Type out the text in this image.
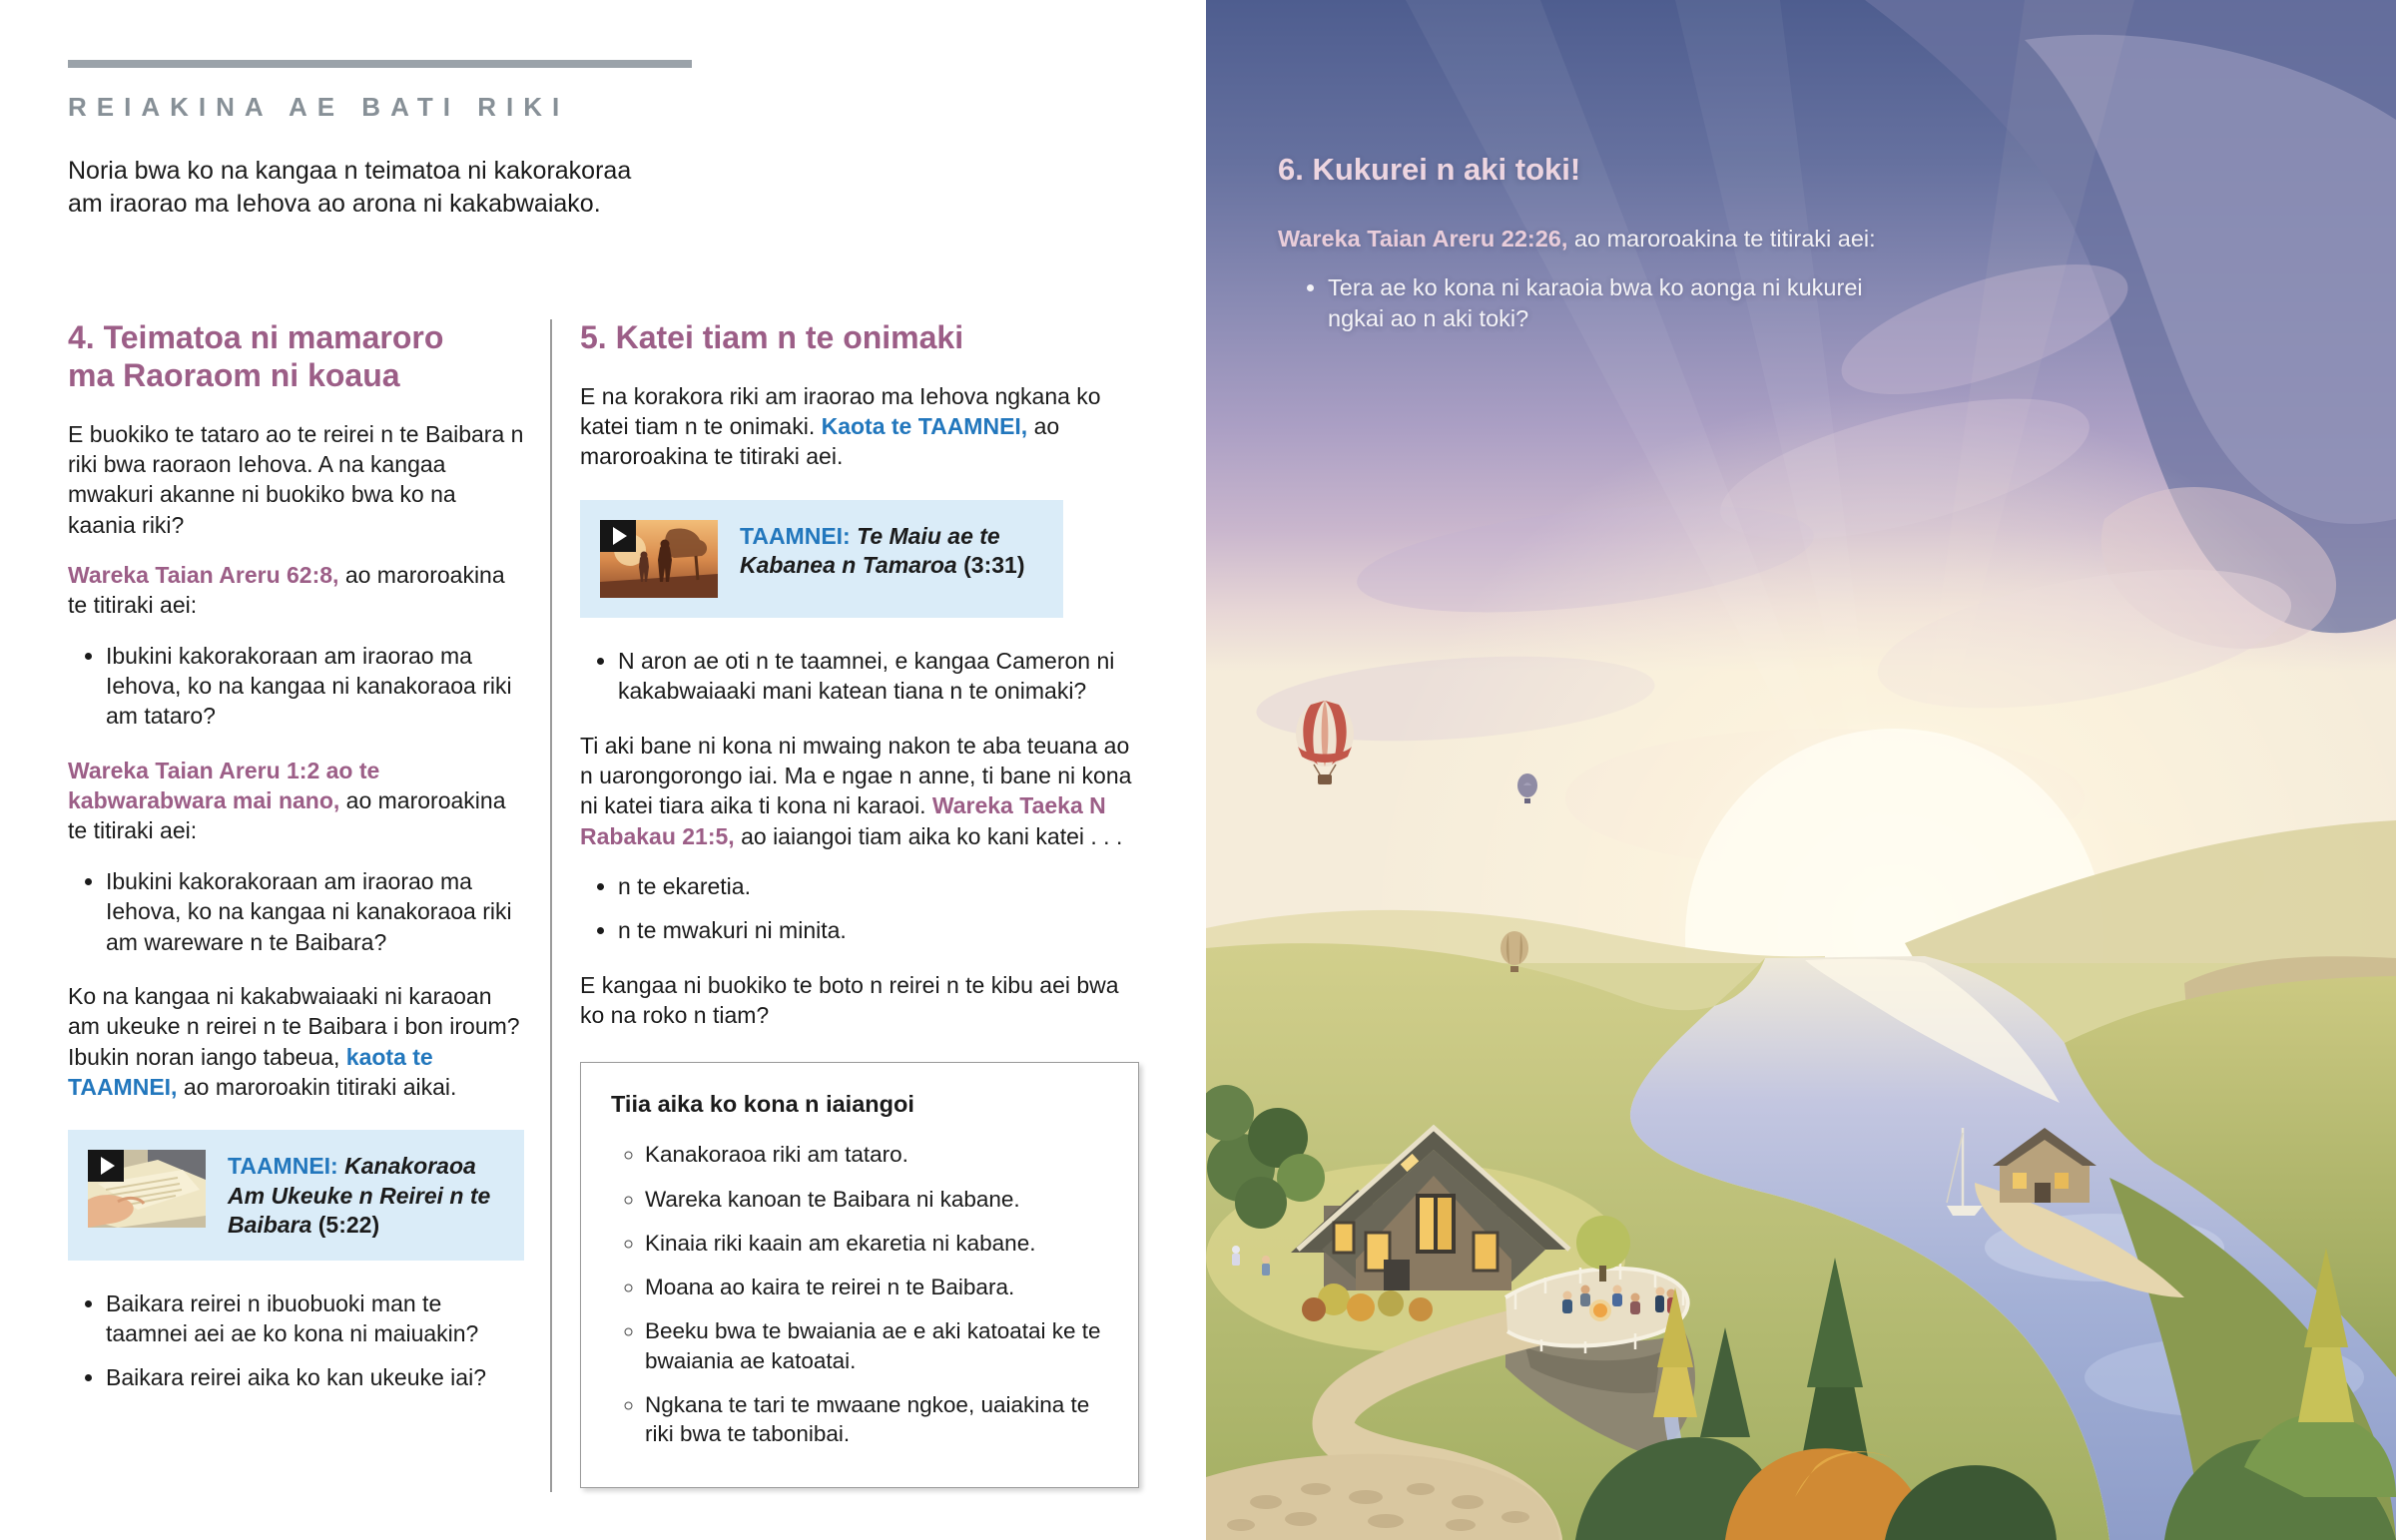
REIAKINA AE BATI RIKI

Noria bwa ko na kangaa n teimatoa ni kakorakoraa am iraorao ma Iehova ao arona ni kakabwaiako.

4. Teimatoa ni mamaroro ma Raoraom ni koaua

E buokiko te tataro ao te reirei n te Baibara n riki bwa raoraon Iehova. A na kangaa mwakuri akanne ni buokiko bwa ko na kaania riki?

Wareka Taian Areru 62:8, ao maroroakina te titiraki aei:

• Ibukini kakorakoraan am iraorao ma Iehova, ko na kangaa ni kanakoraoa riki am tataro?

Wareka Taian Areru 1:2 ao te kabwarabwara mai nano, ao maroroakina te titiraki aei:

• Ibukini kakorakoraan am iraorao ma Iehova, ko na kangaa ni kanakoraoa riki am wareware n te Baibara?

Ko na kangaa ni kakabwaiaaki ni karaoan am ukeuke n reirei n te Baibara i bon iroum? Ibukin noran iango tabeua, kaota te TAAMNEI, ao maroroakin titiraki aikai.

TAAMNEI: Kanakoraoa Am Ukeuke n Reirei n te Baibara (5:22)
• Baikara reirei n ibuobuoki man te taamnei aei ae ko kona ni maiuakin?
• Baikara reirei aika ko kan ukeuke iai?
5. Katei tiam n te onimaki

E na korakora riki am iraorao ma Iehova ngkana ko katei tiam n te onimaki. Kaota te TAAMNEI, ao maroroakina te titiraki aei.

TAAMNEI: Te Maiu ae te Kabanea n Tamaroa (3:31)
• N aron ae oti n te taamnei, e kangaa Cameron ni kakabwaiaaki mani katean tiana n te onimaki?

Ti aki bane ni kona ni mwaing nakon te aba teuana ao n uarongorongo iai. Ma e ngae n anne, ti bane ni kona ni katei tiara aika ti kona ni karaoi. Wareka Taeka N Rabakau 21:5, ao iaiangoi tiam aika ko kani katei . . .

• n te ekaretia.
• n te mwakuri ni minita.

E kangaa ni buokiko te boto n reirei n te kibu aei bwa ko na roko n tiam?

Tiia aika ko kona n iaiangoi
◦ Kanakoraoa riki am tataro.
◦ Wareka kanoan te Baibara ni kabane.
◦ Kinaia riki kaain am ekaretia ni kabane.
◦ Moana ao kaira te reirei n te Baibara.
◦ Beeku bwa te bwaiania ae e aki katoatai ke te bwaiania ae katoatai.
◦ Ngkana te tari te mwaane ngkoe, uaiakina te riki bwa te tabonibai.
6. Kukurei n aki toki!

Wareka Taian Areru 22:26, ao maroroakina te titiraki aei:

• Tera ae ko kona ni karaoia bwa ko aonga ni kukurei ngkai ao n aki toki?
